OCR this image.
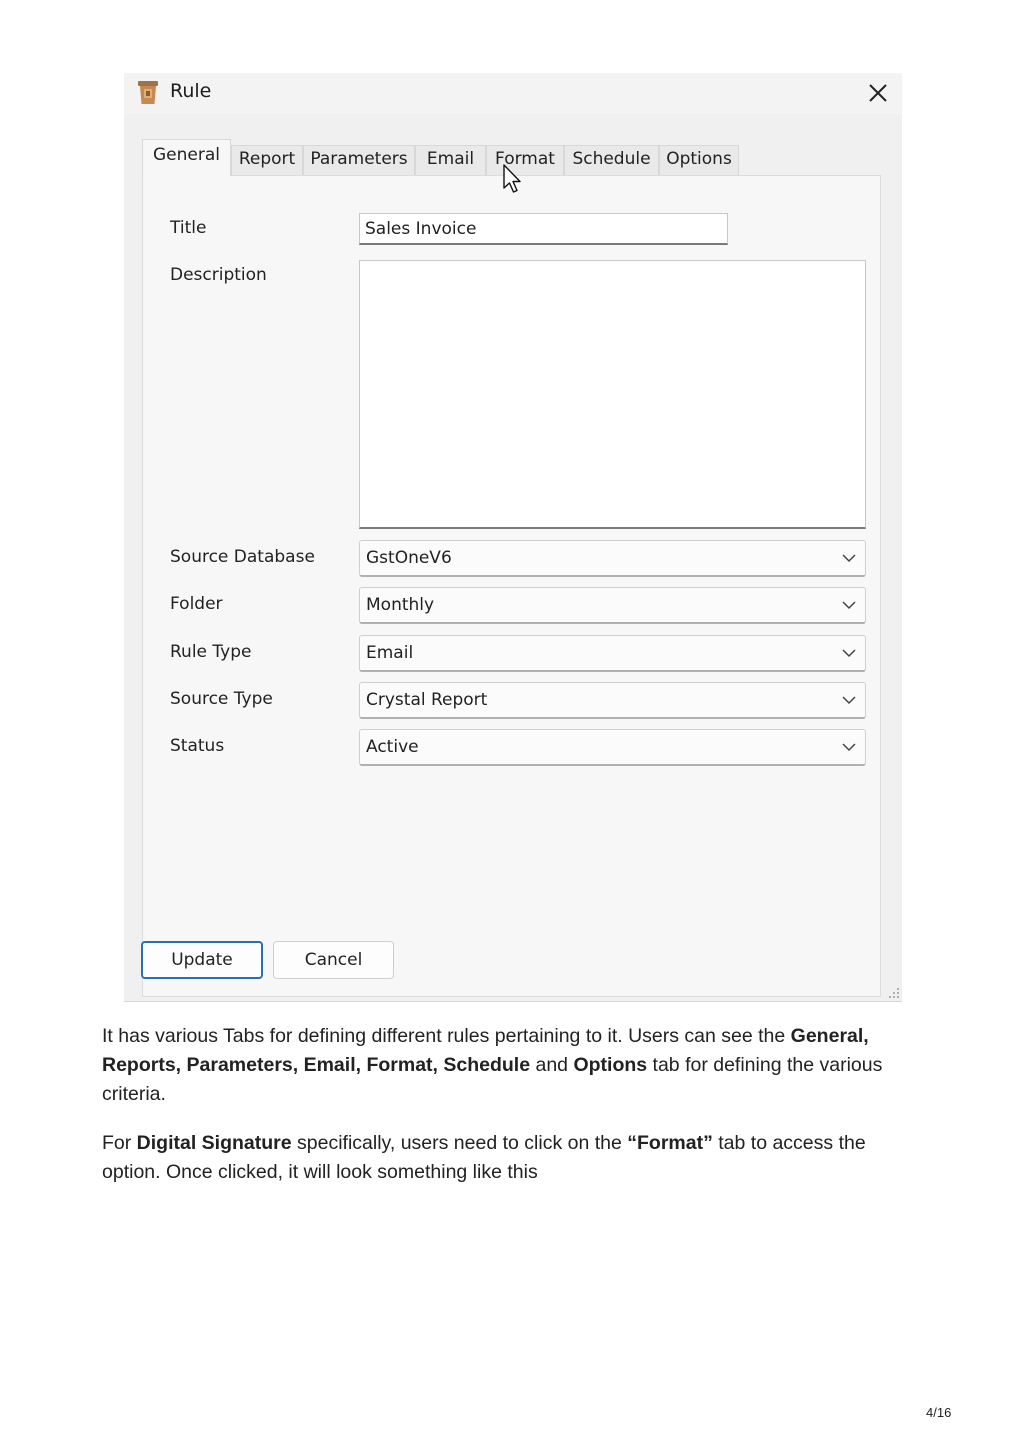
Rule
General	Report Parameters	Email	Format	Schedule Options
Title	Sales Invoice
Description
Source Database	GstOneV6
Folder	Monthly
Rule Type	Email
Source Type	Crystal Report
Status	Active
Update	Cancel

It has various Tabs for defining different rules pertaining to it. Users can see the General, Reports, Parameters, Email, Format, Schedule and Options tab for defining the various criteria.

For Digital Signature specifically, users need to click on the “Format” tab to access the option. Once clicked, it will look something like this

4/16
